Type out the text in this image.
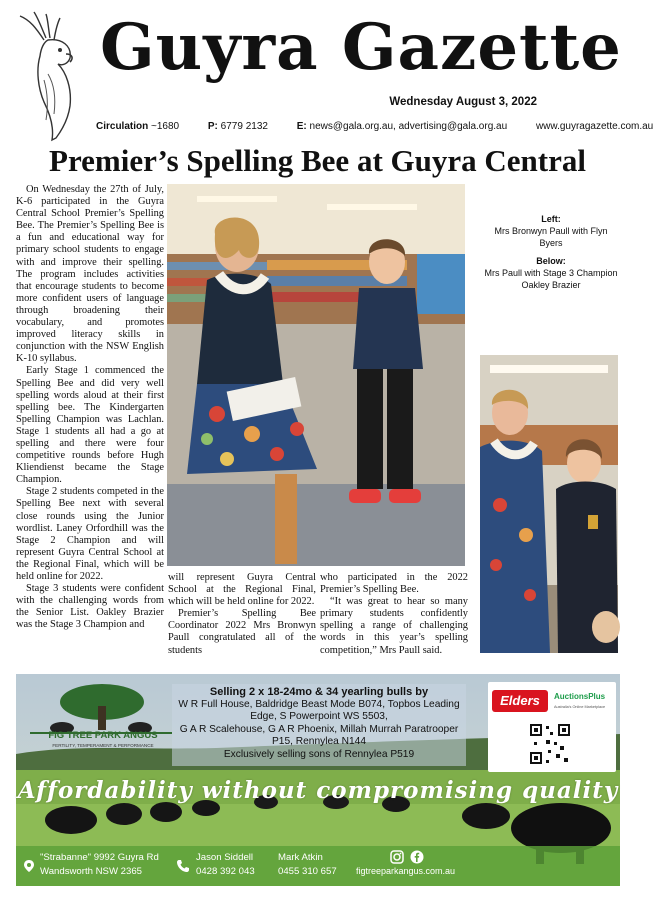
Guyra Gazette
Wednesday August 3, 2022
Circulation ~1680	P: 6779 2132	E: news@gala.org.au, advertising@gala.org.au	www.guyragazette.com.au
Premier’s Spelling Bee at Guyra Central

On Wednesday the 27th of July, K-6 participated in the Guyra Central School Premier’s Spelling Bee. The Premier’s Spelling Bee is a fun and educational way for primary school students to engage with and improve their spelling. The program includes activities that encourage students to become more confident users of language through broadening their vocabulary, and promotes improved literacy skills in conjunction with the NSW English K-10 syllabus.

Early Stage 1 commenced the Spelling Bee and did very well spelling words aloud at their first spelling bee. The Kindergarten Spelling Champion was Lachlan. Stage 1 students all had a go at spelling and there were four competitive rounds before Hugh Kliendienst became the Stage Champion.

Stage 2 students competed in the Spelling Bee next with several close rounds using the Junior wordlist. Laney Orfordhill was the Stage 2 Champion and will represent Guyra Central School at the Regional Final, which will be held online for 2022.

Stage 3 students were confident with the challenging words from the Senior List. Oakley Brazier was the Stage 3 Champion and

Left:
Mrs Bronwyn Paull with Flyn Byers
Below:
Mrs Paull with Stage 3 Champion Oakley Brazier

will represent Guyra Central School at the Regional Final, which will be held online for 2022.

Premier’s Spelling Bee Coordinator 2022 Mrs Bronwyn Paull congratulated all of the students

who participated in the 2022 Premier’s Spelling Bee.

“It was great to hear so many primary students confidently spelling a range of challenging words in this year’s spelling competition,” Mrs Paull said.

FIG TREE PARK ANGUS
FERTILITY, TEMPERAMENT & PERFORMANCE
Selling 2 x 18-24mo & 34 yearling bulls by
W R Full House, Baldridge Beast Mode B074, Topbos Leading
Edge, S Powerpoint WS 5503,
G A R Scalehouse, G A R Phoenix, Millah Murrah Paratrooper
P15, Rennylea N144
Exclusively selling sons of Rennylea P519
Elders	AuctionsPlus
Australia's Online Marketplace
Affordability without compromising quality
"Strabanne" 9992 Guyra Rd
Wandsworth NSW 2365
Jason Siddell
0428 392 043
Mark Atkin
0455 310 657 figtreeparkangus.com.au
